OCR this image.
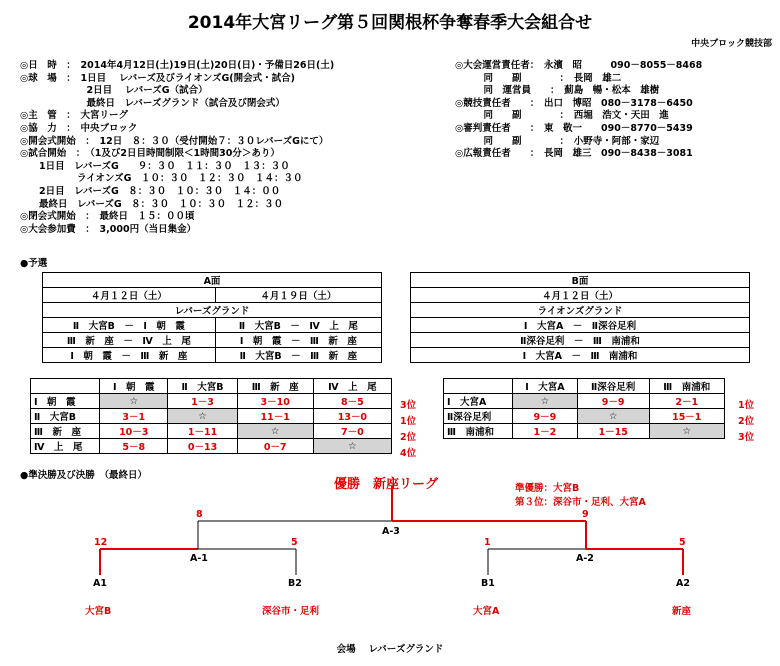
2014年大宮リーグ第５回関根杯争奪春季大会組合せ
中央ブロック競技部
◎日　時　：　2014年4月12日(土)19日(土)20日(日)・予備日26日(土)
◎球　場　：　1日目　 レバーズ及びライオンズG(開会式・試合)
　　　　　　　2日目　 レバーズG（試合）
　　　　　　　最終日　レバーズグランド（試合及び閉会式）
◎主　管　：　大宮リーグ
◎協　力　：　中央ブロック
◎開会式開始　：　12日　８：３０（受付開始７：３０レバーズGにて）
◎試合開始　：　（1及び2日目時間制限＜1時間30分＞あり）
　　1日目　レバーズG　　９：３０　１１：３０　１３：３０
　　　　　　ライオンズG　１０：３０　１２：３０　１４：３０
　　2日目　レバーズG　８：３０　１０：３０　１４：００
　　最終日　レバーズG　８：３０　１０：３０　１２：３０
◎閉会式開始　：　最終日　１５：００頃
◎大会参加費　：　3,000円（当日集金）
◎大会運営責任者：　永濱　昭　　　090－8055－8468
　　　同　　副　　　　：　長岡　雄二
　　　同　運営員　　：　薊島　暢・松本　雄樹
◎競技責任者　　：　出口　博昭　080－3178－6450
　　　同　　副　　　　：　西堀　浩文・天田　進
◎審判責任者　　：　東　敬一　　090－8770－5439
　　　同　　副　　　　：　小野寺・阿部・家辺
◎広報責任者　　：　長岡　雄三　090－8438－3081
●予選
A面	
４月１２日（土）	４月１９日（土）
レバーズグランド	
Ⅱ　大宮B　－　Ⅰ　朝　霞	Ⅱ　大宮B　－　Ⅳ　上　尾
Ⅲ　新　座　－　Ⅳ　上　尾	Ⅰ　朝　霞　－　Ⅲ　新　座
Ⅰ　朝　霞　－　Ⅲ　新　座	Ⅱ　大宮B　－　Ⅲ　新　座
B面
４月１２日（土）
ライオンズグランド
Ⅰ　大宮A　－　Ⅱ深谷足利
Ⅱ深谷足利　－　Ⅲ　南浦和
Ⅰ　大宮A　－　Ⅲ　南浦和
	Ⅰ　朝　霞	Ⅱ　大宮B	Ⅲ　新　座	Ⅳ　上　尾
Ⅰ　朝　霞	☆	1－3	3－10	8－5
Ⅱ　大宮B	3－1	☆	11－1	13－0
Ⅲ　新　座	10－3	1－11	☆	7－0
Ⅳ　上　尾	5－8	0－13	0－7	☆
3位
1位
2位
4位
	Ⅰ　大宮A	Ⅱ深谷足利	Ⅲ　南浦和
Ⅰ　大宮A	☆	9－9	2－1
Ⅱ深谷足利	9－9	☆	15－1
Ⅲ　南浦和	1－2	1－15	☆
1位
2位
3位
●準決勝及び決勝　（最終日）
優勝　新座リーグ	準優勝：大宮B
第３位：深谷市・足利、大宮A
A-3
A-1	A-2
8	9
12	5	1	5
A1	B2	B1	A2
大宮B	深谷市・足利	大宮A	新座
会場　 レバーズグランド
